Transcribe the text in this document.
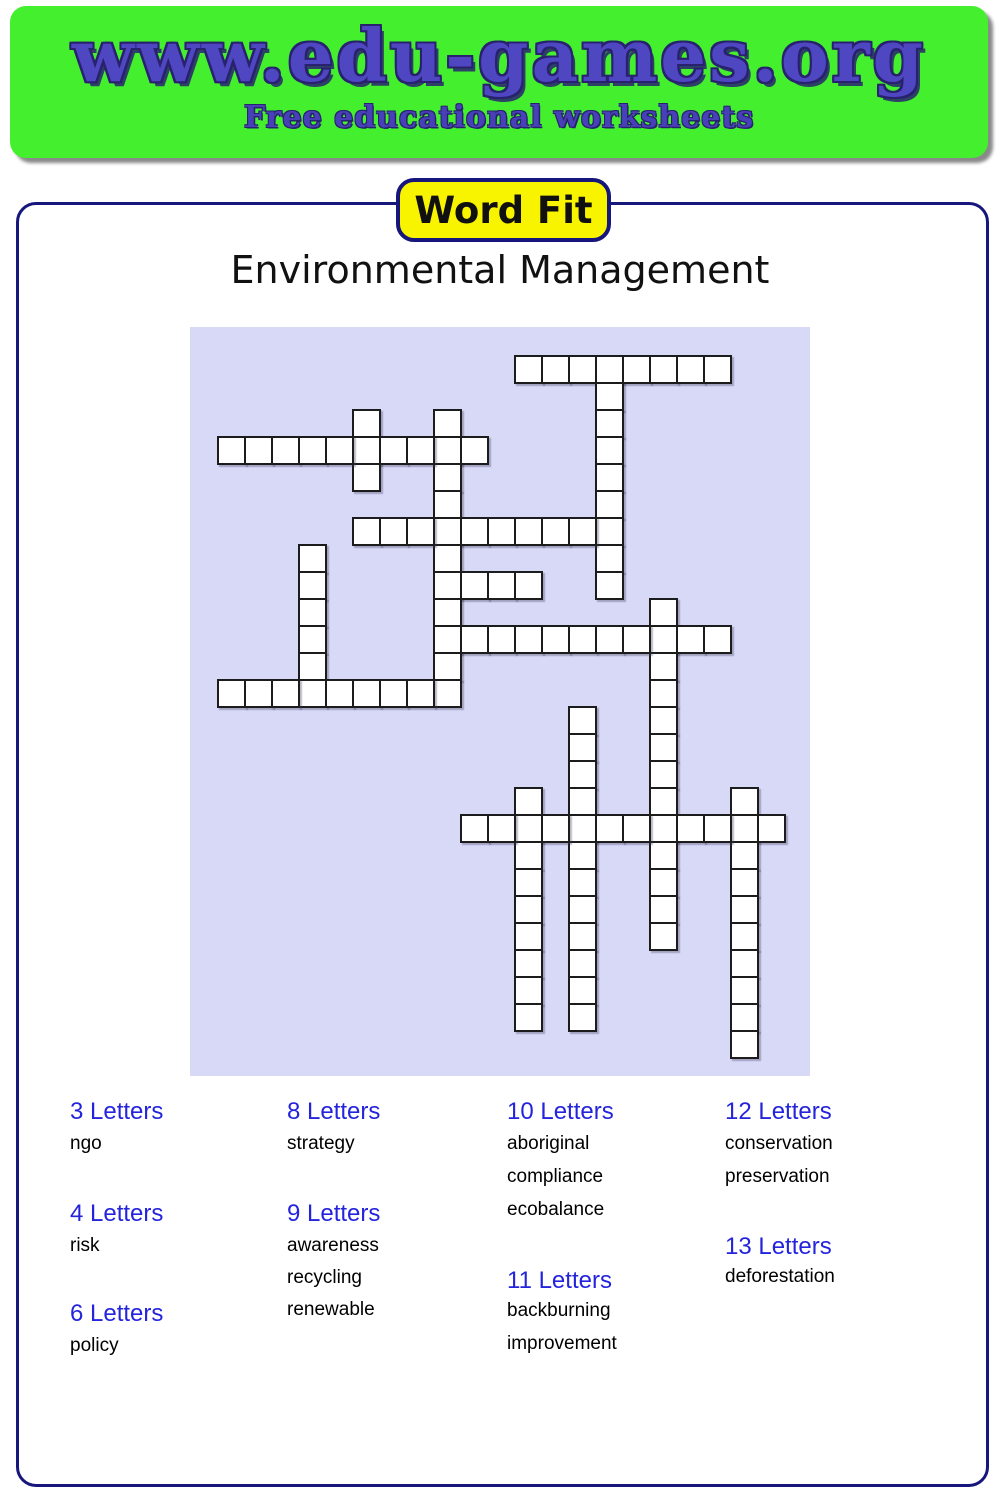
www.edu-games.org

Free educational worksheets

Word Fit
Environmental Management
3 Letters
ngo
4 Letters
risk
6 Letters
policy
8 Letters
strategy
9 Letters
awareness
recycling
renewable
10 Letters
aboriginal
compliance
ecobalance
11 Letters
backburning
improvement
12 Letters
conservation
preservation
13 Letters
deforestation
